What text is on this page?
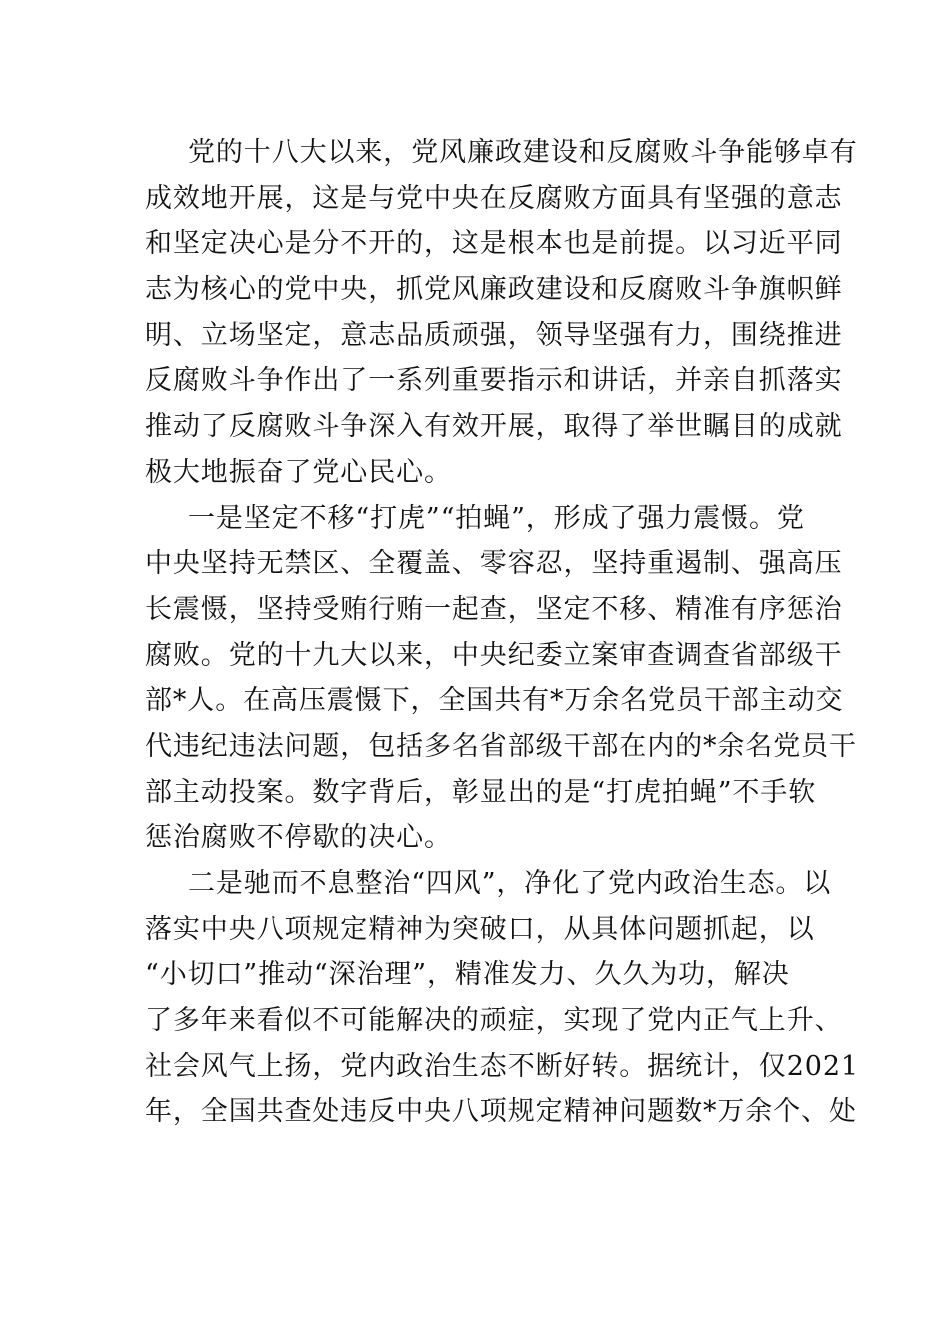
党的十八大以来，党风廉政建设和反腐败斗争能够卓有
成效地开展，这是与党中央在反腐败方面具有坚强的意志
和坚定决心是分不开的，这是根本也是前提。以习近平同
志为核心的党中央，抓党风廉政建设和反腐败斗争旗帜鲜
明、立场坚定，意志品质顽强，领导坚强有力，围绕推进
反腐败斗争作出了一系列重要指示和讲话，并亲自抓落实
推动了反腐败斗争深入有效开展，取得了举世瞩目的成就
极大地振奋了党心民心。
一是坚定不移“打虎”“拍蝇”，形成了强力震慑。党
中央坚持无禁区、全覆盖、零容忍，坚持重遏制、强高压
长震慑，坚持受贿行贿一起查，坚定不移、精准有序惩治
腐败。党的十九大以来，中央纪委立案审查调查省部级干
部*人。在高压震慑下，全国共有*万余名党员干部主动交
代违纪违法问题，包括多名省部级干部在内的*余名党员干
部主动投案。数字背后，彰显出的是“打虎拍蝇”不手软
惩治腐败不停歇的决心。
二是驰而不息整治“四风”，净化了党内政治生态。以
落实中央八项规定精神为突破口，从具体问题抓起，以
“小切口”推动“深治理”，精准发力、久久为功，解决
了多年来看似不可能解决的顽症，实现了党内正气上升、
社会风气上扬，党内政治生态不断好转。据统计，仅2021
年，全国共查处违反中央八项规定精神问题数*万余个、处
